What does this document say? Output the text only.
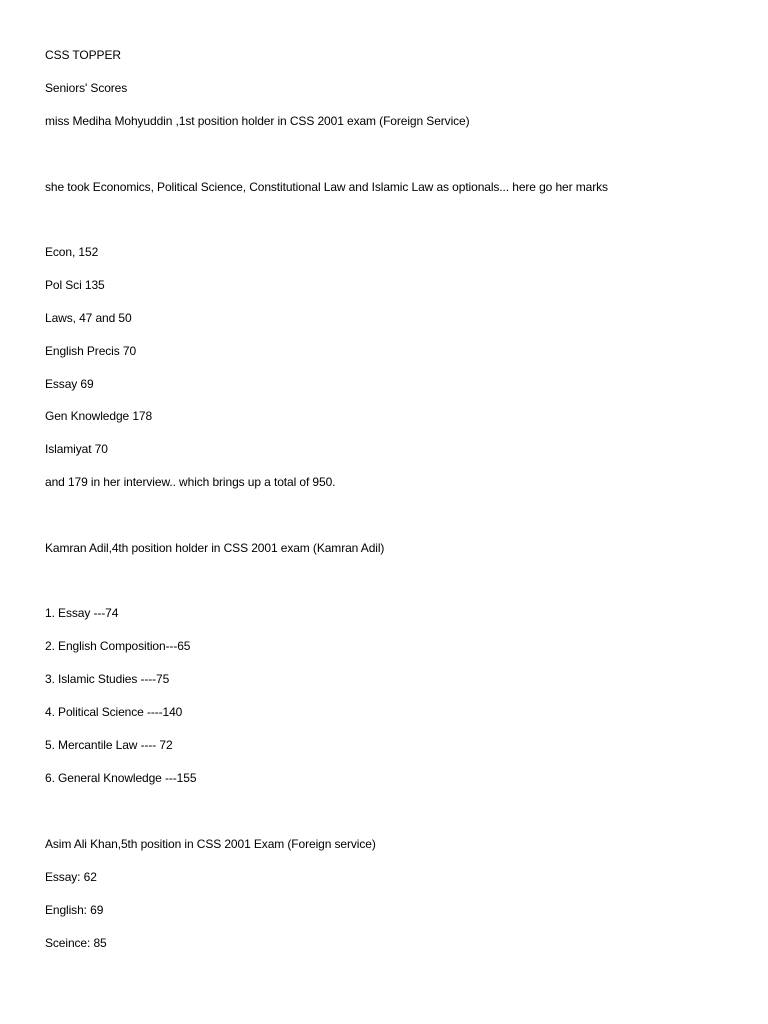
CSS TOPPER

Seniors' Scores

miss Mediha Mohyuddin ,1st position holder in CSS 2001 exam (Foreign Service)

she took Economics, Political Science, Constitutional Law and Islamic Law as optionals... here go her marks

Econ, 152

Pol Sci 135

Laws, 47 and 50

English Precis 70

Essay 69

Gen Knowledge 178

Islamiyat 70

and 179 in her interview.. which brings up a total of 950.

Kamran Adil,4th position holder in CSS 2001 exam (Kamran Adil)

1. Essay ---74

2. English Composition---65

3. Islamic Studies ----75

4. Political Science ----140

5. Mercantile Law ---- 72

6. General Knowledge ---155

Asim Ali Khan,5th position in CSS 2001 Exam (Foreign service)

Essay: 62

English: 69

Sceince: 85
